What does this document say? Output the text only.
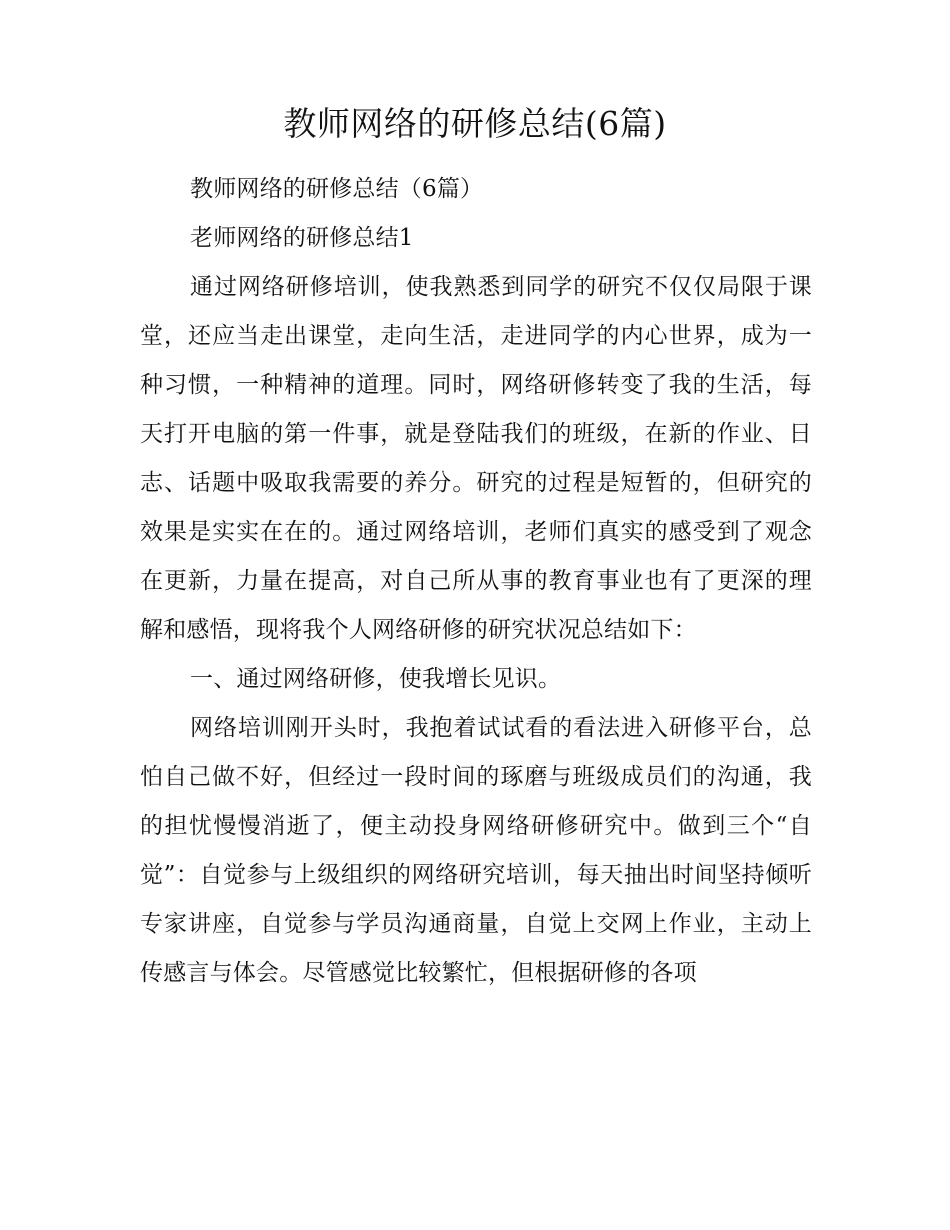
教师网络的研修总结(6篇)

教师网络的研修总结（6篇）

老师网络的研修总结1

通过网络研修培训，使我熟悉到同学的研究不仅仅局限于课堂，还应当走出课堂，走向生活，走进同学的内心世界，成为一种习惯，一种精神的道理。同时，网络研修转变了我的生活，每天打开电脑的第一件事，就是登陆我们的班级，在新的作业、日志、话题中吸取我需要的养分。研究的过程是短暂的，但研究的效果是实实在在的。通过网络培训，老师们真实的感受到了观念在更新，力量在提高，对自己所从事的教育事业也有了更深的理解和感悟，现将我个人网络研修的研究状况总结如下：

一、通过网络研修，使我增长见识。

网络培训刚开头时，我抱着试试看的看法进入研修平台，总怕自己做不好，但经过一段时间的琢磨与班级成员们的沟通，我的担忧慢慢消逝了，便主动投身网络研修研究中。做到三个“自觉”：自觉参与上级组织的网络研究培训，每天抽出时间坚持倾听专家讲座，自觉参与学员沟通商量，自觉上交网上作业，主动上传感言与体会。尽管感觉比较繁忙，但根据研修的各项
